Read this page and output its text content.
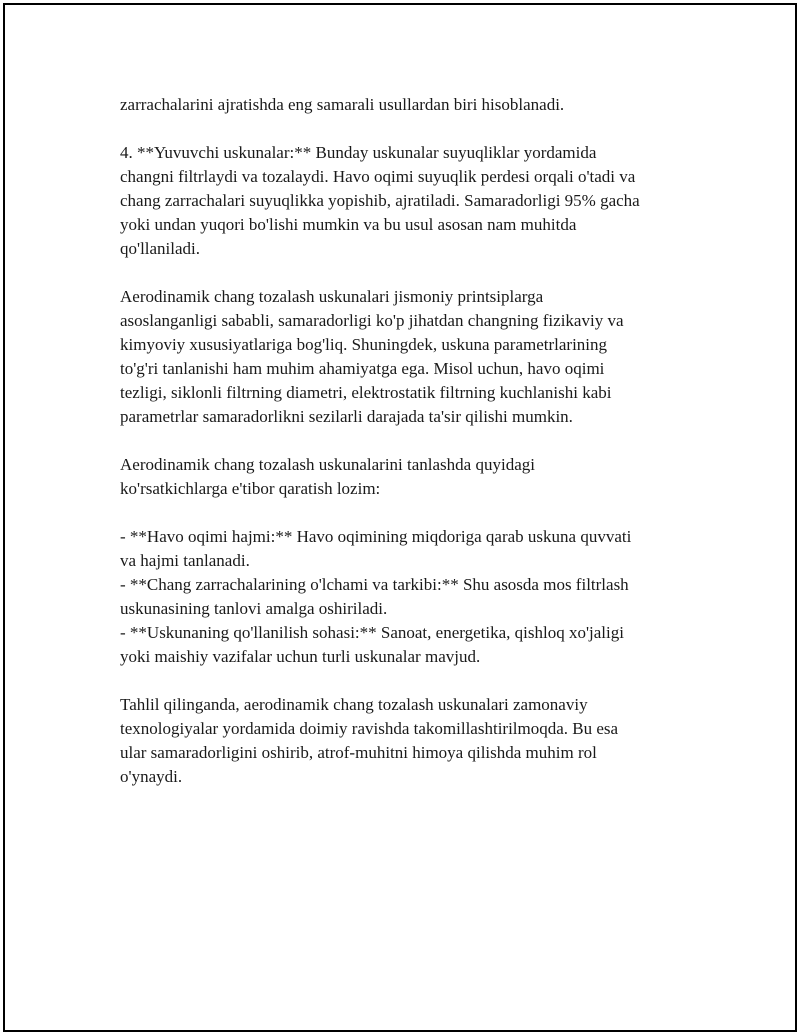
zarrachalarini ajratishda eng samarali usullardan biri hisoblanadi.

4. **Yuvuvchi uskunalar:** Bunday uskunalar suyuqliklar yordamida
changni filtrlaydi va tozalaydi. Havo oqimi suyuqlik perdesi orqali o'tadi va
chang zarrachalari suyuqlikka yopishib, ajratiladi. Samaradorligi 95% gacha
yoki undan yuqori bo'lishi mumkin va bu usul asosan nam muhitda
qo'llaniladi.

Aerodinamik chang tozalash uskunalari jismoniy printsiplarga
asoslanganligi sababli, samaradorligi ko'p jihatdan changning fizikaviy va
kimyoviy xususiyatlariga bog'liq. Shuningdek, uskuna parametrlarining
to'g'ri tanlanishi ham muhim ahamiyatga ega. Misol uchun, havo oqimi
tezligi, siklonli filtrning diametri, elektrostatik filtrning kuchlanishi kabi
parametrlar samaradorlikni sezilarli darajada ta'sir qilishi mumkin.

Aerodinamik chang tozalash uskunalarini tanlashda quyidagi
ko'rsatkichlarga e'tibor qaratish lozim:

- **Havo oqimi hajmi:** Havo oqimining miqdoriga qarab uskuna quvvati
va hajmi tanlanadi.
- **Chang zarrachalarining o'lchami va tarkibi:** Shu asosda mos filtrlash
uskunasining tanlovi amalga oshiriladi.
- **Uskunaning qo'llanilish sohasi:** Sanoat, energetika, qishloq xo'jaligi
yoki maishiy vazifalar uchun turli uskunalar mavjud.

Tahlil qilinganda, aerodinamik chang tozalash uskunalari zamonaviy
texnologiyalar yordamida doimiy ravishda takomillashtirilmoqda. Bu esa
ular samaradorligini oshirib, atrof-muhitni himoya qilishda muhim rol
o'ynaydi.
